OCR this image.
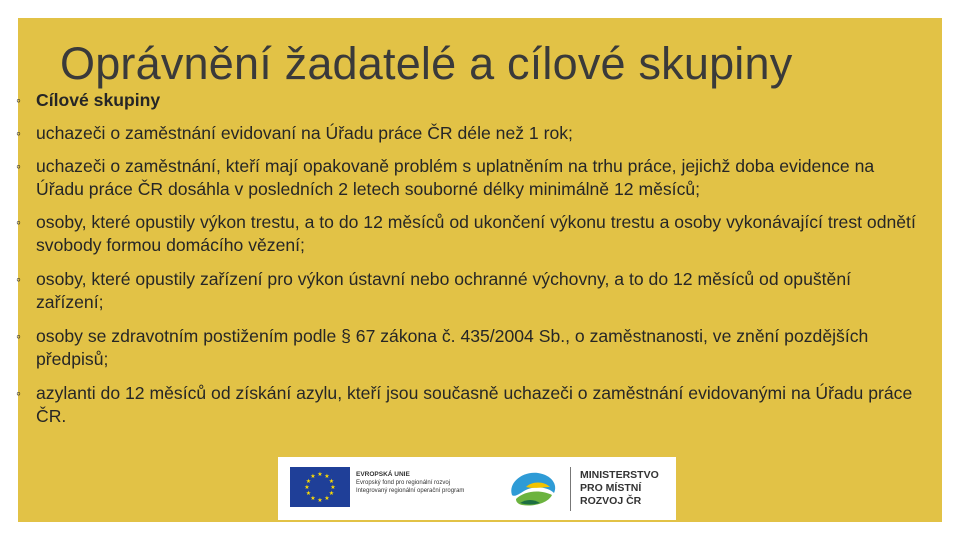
Oprávnění žadatelé a cílové skupiny
◦ Cílové skupiny
◦ uchazeči o zaměstnání evidovaní na Úřadu práce ČR déle než 1 rok;
◦ uchazeči o zaměstnání, kteří mají opakovaně problém s uplatněním na trhu práce, jejichž doba evidence na Úřadu práce ČR dosáhla v posledních 2 letech souborné délky minimálně 12 měsíců;
◦ osoby, které opustily výkon trestu, a to do 12 měsíců od ukončení výkonu trestu a osoby vykonávající trest odnětí svobody formou domácího vězení;
◦ osoby, které opustily zařízení pro výkon ústavní nebo ochranné výchovny, a to do 12 měsíců od opuštění zařízení;
◦ osoby se zdravotním postižením podle § 67 zákona č. 435/2004 Sb., o zaměstnanosti, ve znění pozdějších předpisů;
◦ azylanti do 12 měsíců od získání azylu, kteří jsou současně uchazeči o zaměstnání evidovanými na Úřadu práce ČR.
★ ★
★
★
★
★
★
★
★
★
★
★	EVROPSKÁ UNIE
Evropský fond pro regionální rozvoj
Integrovaný regionální operační program
MINISTERSTVO
PRO MÍSTNÍ
ROZVOJ ČR
